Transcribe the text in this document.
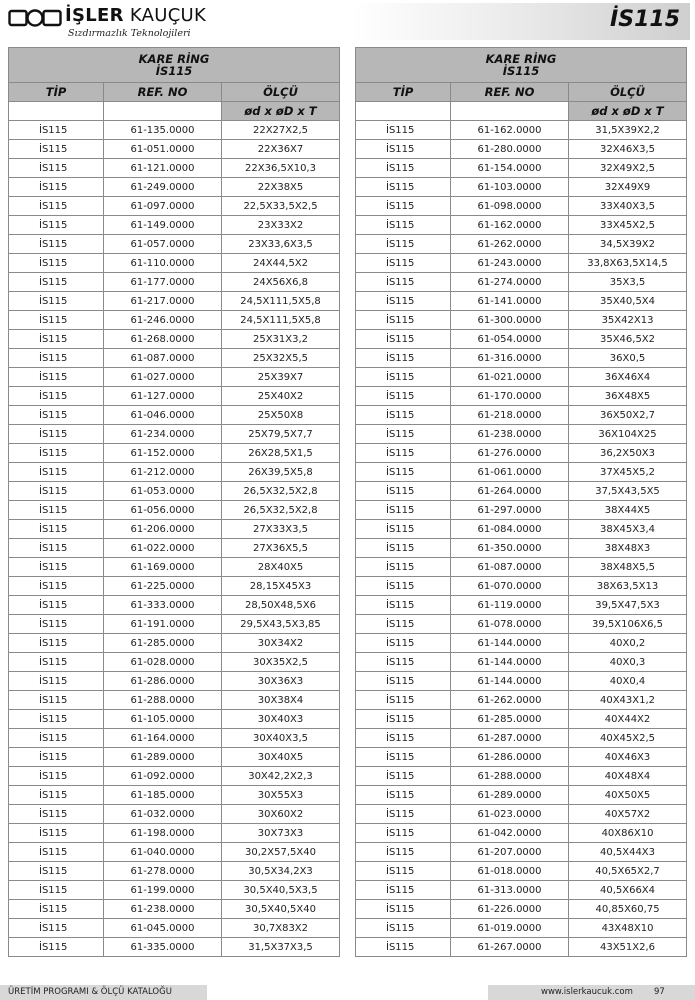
İŞLER KAUÇUK
Sızdırmazlık Teknolojileri
İS115
KARE RİNG
İS115		

TİP	REF. NO	ÖLÇÜ
		ød x øD x T
İS115	61-135.0000	22X27X2,5
İS115	61-051.0000	22X36X7
İS115	61-121.0000	22X36,5X10,3
İS115	61-249.0000	22X38X5
İS115	61-097.0000	22,5X33,5X2,5
İS115	61-149.0000	23X33X2
İS115	61-057.0000	23X33,6X3,5
İS115	61-110.0000	24X44,5X2
İS115	61-177.0000	24X56X6,8
İS115	61-217.0000	24,5X111,5X5,8
İS115	61-246.0000	24,5X111,5X5,8
İS115	61-268.0000	25X31X3,2
İS115	61-087.0000	25X32X5,5
İS115	61-027.0000	25X39X7
İS115	61-127.0000	25X40X2
İS115	61-046.0000	25X50X8
İS115	61-234.0000	25X79,5X7,7
İS115	61-152.0000	26X28,5X1,5
İS115	61-212.0000	26X39,5X5,8
İS115	61-053.0000	26,5X32,5X2,8
İS115	61-056.0000	26,5X32,5X2,8
İS115	61-206.0000	27X33X3,5
İS115	61-022.0000	27X36X5,5
İS115	61-169.0000	28X40X5
İS115	61-225.0000	28,15X45X3
İS115	61-333.0000	28,50X48,5X6
İS115	61-191.0000	29,5X43,5X3,85
İS115	61-285.0000	30X34X2
İS115	61-028.0000	30X35X2,5
İS115	61-286.0000	30X36X3
İS115	61-288.0000	30X38X4
İS115	61-105.0000	30X40X3
İS115	61-164.0000	30X40X3,5
İS115	61-289.0000	30X40X5
İS115	61-092.0000	30X42,2X2,3
İS115	61-185.0000	30X55X3
İS115	61-032.0000	30X60X2
İS115	61-198.0000	30X73X3
İS115	61-040.0000	30,2X57,5X40
İS115	61-278.0000	30,5X34,2X3
İS115	61-199.0000	30,5X40,5X3,5
İS115	61-238.0000	30,5X40,5X40
İS115	61-045.0000	30,7X83X2
İS115	61-335.0000	31,5X37X3,5
KARE RİNG
İS115		

TİP	REF. NO	ÖLÇÜ
		ød x øD x T
İS115	61-162.0000	31,5X39X2,2
İS115	61-280.0000	32X46X3,5
İS115	61-154.0000	32X49X2,5
İS115	61-103.0000	32X49X9
İS115	61-098.0000	33X40X3,5
İS115	61-162.0000	33X45X2,5
İS115	61-262.0000	34,5X39X2
İS115	61-243.0000	33,8X63,5X14,5
İS115	61-274.0000	35X3,5
İS115	61-141.0000	35X40,5X4
İS115	61-300.0000	35X42X13
İS115	61-054.0000	35X46,5X2
İS115	61-316.0000	36X0,5
İS115	61-021.0000	36X46X4
İS115	61-170.0000	36X48X5
İS115	61-218.0000	36X50X2,7
İS115	61-238.0000	36X104X25
İS115	61-276.0000	36,2X50X3
İS115	61-061.0000	37X45X5,2
İS115	61-264.0000	37,5X43,5X5
İS115	61-297.0000	38X44X5
İS115	61-084.0000	38X45X3,4
İS115	61-350.0000	38X48X3
İS115	61-087.0000	38X48X5,5
İS115	61-070.0000	38X63,5X13
İS115	61-119.0000	39,5X47,5X3
İS115	61-078.0000	39,5X106X6,5
İS115	61-144.0000	40X0,2
İS115	61-144.0000	40X0,3
İS115	61-144.0000	40X0,4
İS115	61-262.0000	40X43X1,2
İS115	61-285.0000	40X44X2
İS115	61-287.0000	40X45X2,5
İS115	61-286.0000	40X46X3
İS115	61-288.0000	40X48X4
İS115	61-289.0000	40X50X5
İS115	61-023.0000	40X57X2
İS115	61-042.0000	40X86X10
İS115	61-207.0000	40,5X44X3
İS115	61-018.0000	40,5X65X2,7
İS115	61-313.0000	40,5X66X4
İS115	61-226.0000	40,85X60,75
İS115	61-019.0000	43X48X10
İS115	61-267.0000	43X51X2,6
ÜRETİM PROGRAMI & ÖLÇÜ KATALOĞU	www.islerkaucuk.com 97
